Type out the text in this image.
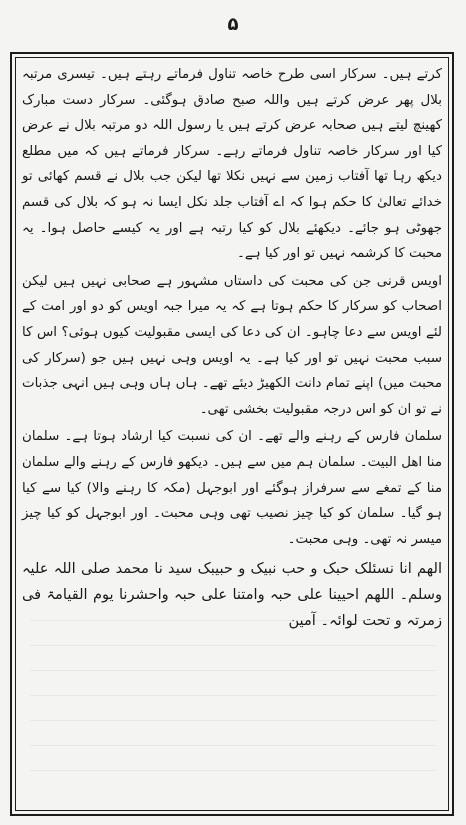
۵

کرتے ہیں۔ سرکار اسی طرح خاصہ تناول فرماتے رہتے ہیں۔ تیسری مرتبہ بلال پھر عرض کرتے ہیں واللہ صبح صادق ہوگئی۔ سرکار دست مبارک کھینچ لیتے ہیں صحابہ عرض کرتے ہیں یا رسول اللہ دو مرتبہ بلال نے عرض کیا اور سرکار خاصہ تناول فرماتے رہے۔ سرکار فرماتے ہیں کہ میں مطلع دیکھ رہا تھا آفتاب زمین سے نہیں نکلا تھا لیکن جب بلال نے قسم کھائی تو خدائے تعالیٰ کا حکم ہوا کہ اے آفتاب جلد نکل ایسا نہ ہو کہ بلال کی قسم جھوٹی ہو جائے۔ دیکھئے بلال کو کیا رتبہ ہے اور یہ کیسے حاصل ہوا۔ یہ محبت کا کرشمہ نہیں تو اور کیا ہے۔

اویس قرنی جن کی محبت کی داستاں مشہور ہے صحابی نہیں ہیں لیکن اصحاب کو سرکار کا حکم ہوتا ہے کہ یہ میرا جبہ اویس کو دو اور امت کے لئے اویس سے دعا چاہو۔ ان کی دعا کی ایسی مقبولیت کیوں ہوئی؟ اس کا سبب محبت نہیں تو اور کیا ہے۔ یہ اویس وہی نہیں ہیں جو (سرکار کی محبت میں) اپنے تمام دانت الکھیڑ دیئے تھے۔ ہاں ہاں وہی ہیں انہی جذبات نے تو ان کو اس درجہ مقبولیت بخشی تھی۔

سلمان فارس کے رہنے والے تھے۔ ان کی نسبت کیا ارشاد ہوتا ہے۔ سلمان منا اھل البیت۔ سلمان ہم میں سے ہیں۔ دیکھو فارس کے رہنے والے سلمان منا کے تمغے سے سرفراز ہوگئے اور ابوجہل (مکہ کا رہنے والا) کیا سے کیا ہو گیا۔ سلمان کو کیا چیز نصیب تھی وہی محبت۔ اور ابوجہل کو کیا چیز میسر نہ تھی۔ وہی محبت۔

الھم انا نسئلک حبک و حب نبیک و حبیبک سید نا محمد صلی اللہ علیہ وسلم۔ اللھم احیینا علی حبہ وامتنا علی حبہ واحشرنا یوم القیامۃ فی زمرتہ و تحت لوائہ۔ آمین
